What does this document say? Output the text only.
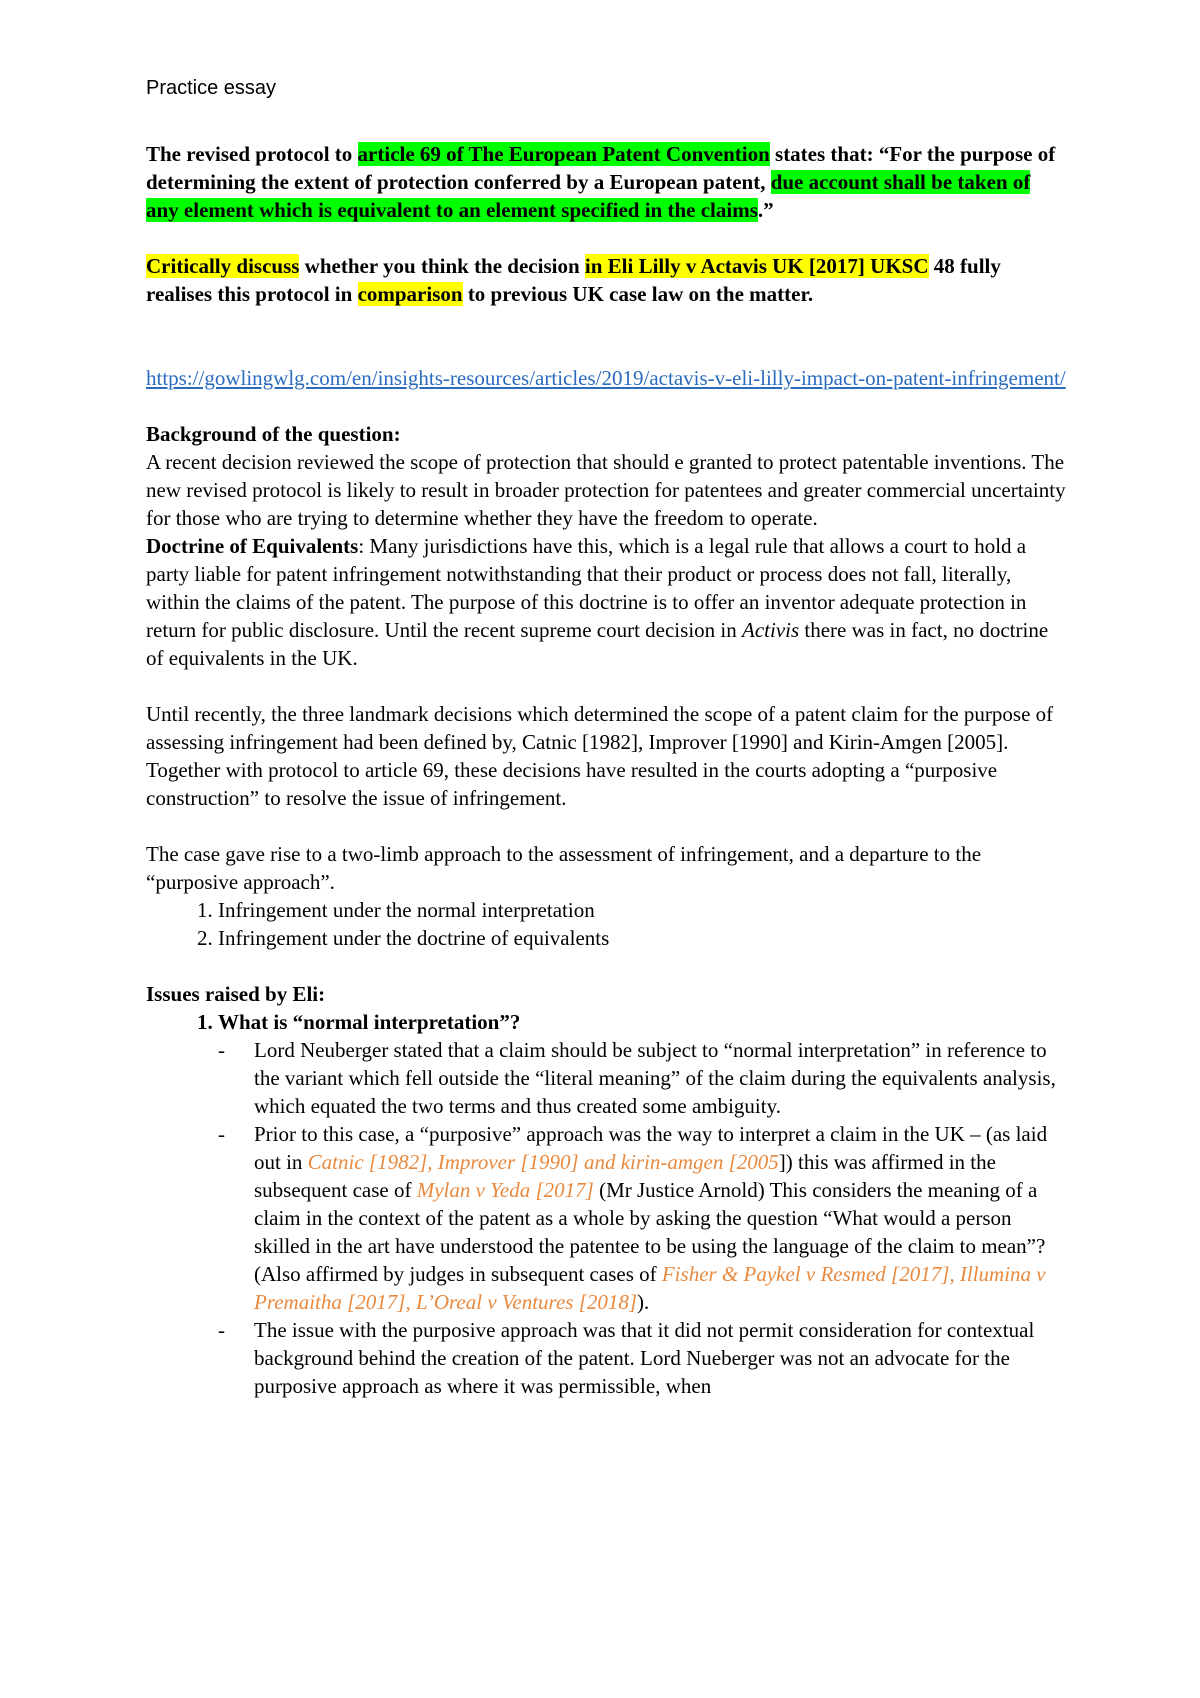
Practice essay

The revised protocol to article 69 of The European Patent Convention states that: “For the purpose of determining the extent of protection conferred by a European patent, due account shall be taken of any element which is equivalent to an element specified in the claims.”

Critically discuss whether you think the decision in Eli Lilly v Actavis UK [2017] UKSC 48 fully realises this protocol in comparison to previous UK case law on the matter.

https://gowlingwlg.com/en/insights-resources/articles/2019/actavis-v-eli-lilly-impact-on-patent-infringement/

Background of the question:

A recent decision reviewed the scope of protection that should e granted to protect patentable inventions. The new revised protocol is likely to result in broader protection for patentees and greater commercial uncertainty for those who are trying to determine whether they have the freedom to operate.

Doctrine of Equivalents: Many jurisdictions have this, which is a legal rule that allows a court to hold a party liable for patent infringement notwithstanding that their product or process does not fall, literally, within the claims of the patent. The purpose of this doctrine is to offer an inventor adequate protection in return for public disclosure. Until the recent supreme court decision in Activis there was in fact, no doctrine of equivalents in the UK.

Until recently, the three landmark decisions which determined the scope of a patent claim for the purpose of assessing infringement had been defined by, Catnic [1982], Improver [1990] and Kirin-Amgen [2005]. Together with protocol to article 69, these decisions have resulted in the courts adopting a “purposive construction” to resolve the issue of infringement.

The case gave rise to a two-limb approach to the assessment of infringement, and a departure to the “purposive approach”.

1. Infringement under the normal interpretation
2. Infringement under the doctrine of equivalents

Issues raised by Eli:

1. What is “normal interpretation”?
- Lord Neuberger stated that a claim should be subject to “normal interpretation” in reference to the variant which fell outside the “literal meaning” of the claim during the equivalents analysis, which equated the two terms and thus created some ambiguity.
- Prior to this case, a “purposive” approach was the way to interpret a claim in the UK – (as laid out in Catnic [1982], Improver [1990] and kirin-amgen [2005]) this was affirmed in the subsequent case of Mylan v Yeda [2017] (Mr Justice Arnold) This considers the meaning of a claim in the context of the patent as a whole by asking the question “What would a person skilled in the art have understood the patentee to be using the language of the claim to mean”? (Also affirmed by judges in subsequent cases of Fisher & Paykel v Resmed [2017], Illumina v Premaitha [2017], L’Oreal v Ventures [2018]).
- The issue with the purposive approach was that it did not permit consideration for contextual background behind the creation of the patent. Lord Nueberger was not an advocate for the purposive approach as where it was permissible, when
